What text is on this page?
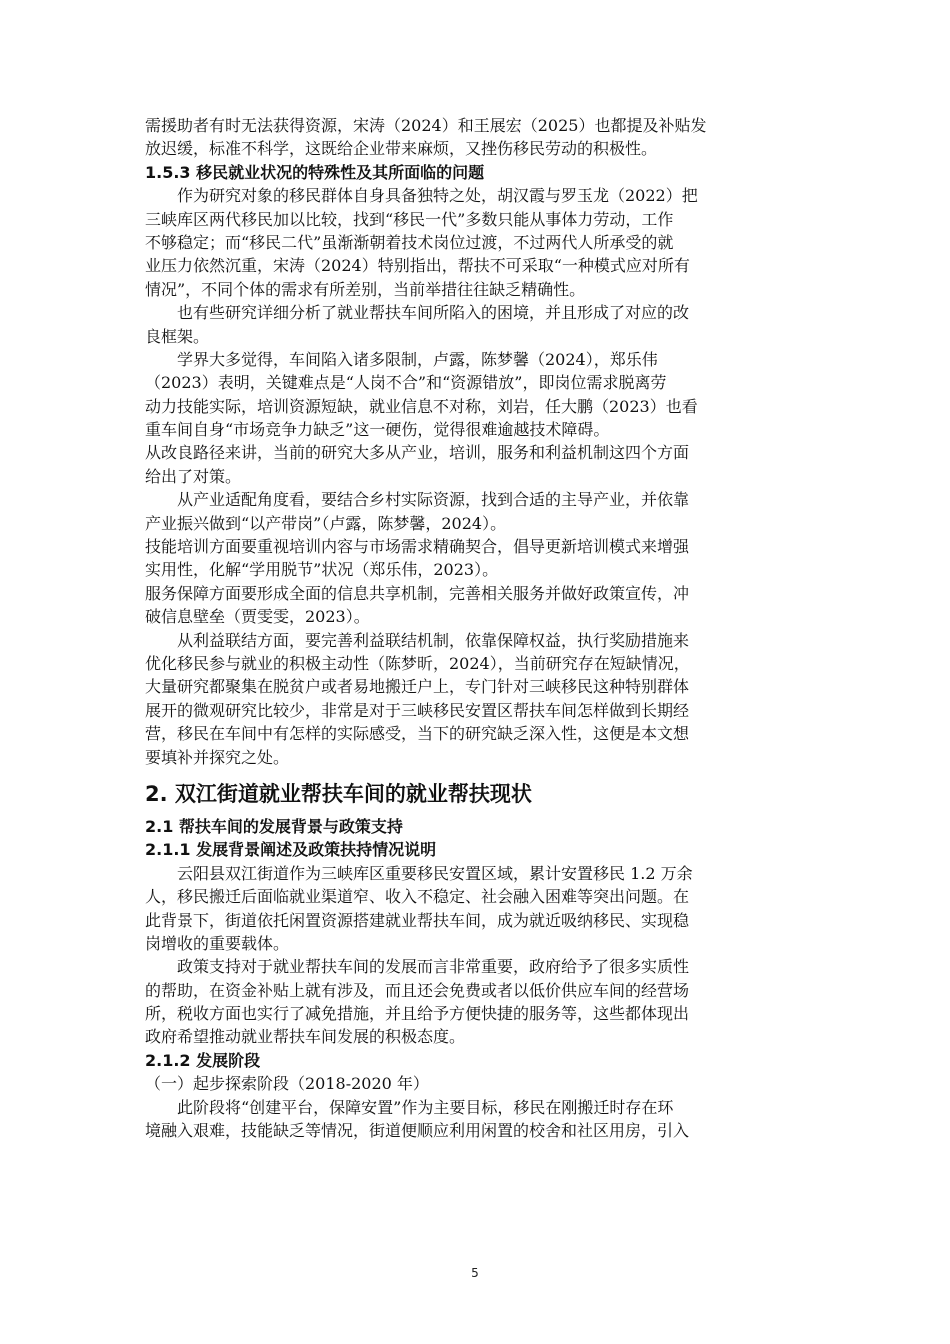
需援助者有时无法获得资源，宋涛（2024）和王展宏（2025）也都提及补贴发
放迟缓，标准不科学，这既给企业带来麻烦，又挫伤移民劳动的积极性。
1.5.3 移民就业状况的特殊性及其所面临的问题
作为研究对象的移民群体自身具备独特之处，胡汉霞与罗玉龙（2022）把
三峡库区两代移民加以比较，找到“移民一代”多数只能从事体力劳动，工作
不够稳定；而“移民二代”虽渐渐朝着技术岗位过渡，不过两代人所承受的就
业压力依然沉重，宋涛（2024）特别指出，帮扶不可采取“一种模式应对所有
情况”，不同个体的需求有所差别，当前举措往往缺乏精确性。
也有些研究详细分析了就业帮扶车间所陷入的困境，并且形成了对应的改
良框架。
学界大多觉得，车间陷入诸多限制，卢露，陈梦馨（2024），郑乐伟
（2023）表明，关键难点是“人岗不合”和“资源错放”，即岗位需求脱离劳
动力技能实际，培训资源短缺，就业信息不对称，刘岩，任大鹏（2023）也看
重车间自身“市场竞争力缺乏”这一硬伤，觉得很难逾越技术障碍。
从改良路径来讲，当前的研究大多从产业，培训，服务和利益机制这四个方面
给出了对策。
从产业适配角度看，要结合乡村实际资源，找到合适的主导产业，并依靠
产业振兴做到“以产带岗”（卢露，陈梦馨，2024）。
技能培训方面要重视培训内容与市场需求精确契合，倡导更新培训模式来增强
实用性，化解“学用脱节”状况（郑乐伟，2023）。
服务保障方面要形成全面的信息共享机制，完善相关服务并做好政策宣传，冲
破信息壁垒（贾雯雯，2023）。
从利益联结方面，要完善利益联结机制，依靠保障权益，执行奖励措施来
优化移民参与就业的积极主动性（陈梦昕，2024），当前研究存在短缺情况，
大量研究都聚集在脱贫户或者易地搬迁户上，专门针对三峡移民这种特别群体
展开的微观研究比较少，非常是对于三峡移民安置区帮扶车间怎样做到长期经
营，移民在车间中有怎样的实际感受，当下的研究缺乏深入性，这便是本文想
要填补并探究之处。
2. 双江街道就业帮扶车间的就业帮扶现状
2.1 帮扶车间的发展背景与政策支持
2.1.1 发展背景阐述及政策扶持情况说明
云阳县双江街道作为三峡库区重要移民安置区域，累计安置移民 1.2 万余
人，移民搬迁后面临就业渠道窄、收入不稳定、社会融入困难等突出问题。在
此背景下，街道依托闲置资源搭建就业帮扶车间，成为就近吸纳移民、实现稳
岗增收的重要载体。
政策支持对于就业帮扶车间的发展而言非常重要，政府给予了很多实质性
的帮助，在资金补贴上就有涉及，而且还会免费或者以低价供应车间的经营场
所，税收方面也实行了减免措施，并且给予方便快捷的服务等，这些都体现出
政府希望推动就业帮扶车间发展的积极态度。
2.1.2 发展阶段
（一）起步探索阶段（2018-2020 年）
此阶段将“创建平台，保障安置”作为主要目标，移民在刚搬迁时存在环
境融入艰难，技能缺乏等情况，街道便顺应利用闲置的校舍和社区用房，引入
5
